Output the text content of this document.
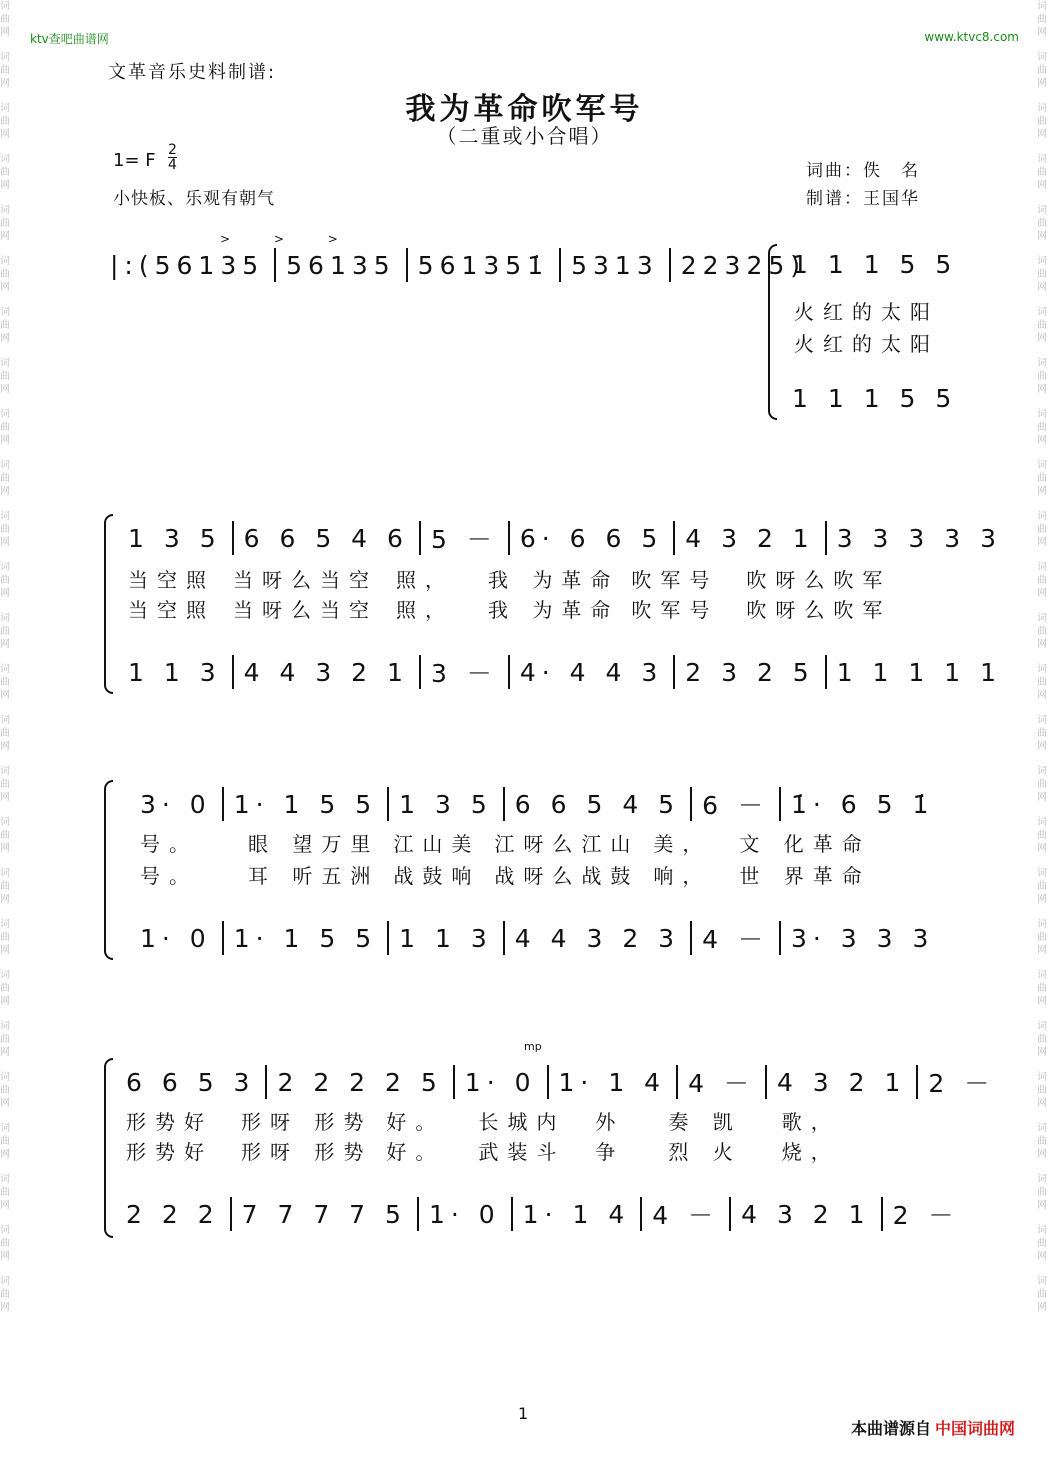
词曲网
词曲网
词曲网
词曲网
词曲网
词曲网
词曲网
词曲网
词曲网
词曲网
词曲网
词曲网
词曲网
词曲网
词曲网
词曲网
词曲网
词曲网
词曲网
词曲网
词曲网
词曲网
词曲网
词曲网
词曲网
词曲网
词曲网
词曲网
词曲网
词曲网
词曲网
词曲网
词曲网
词曲网
词曲网
词曲网
词曲网
词曲网
词曲网
词曲网
词曲网
词曲网
词曲网
词曲网
词曲网
词曲网
词曲网
词曲网
词曲网
词曲网
词曲网
词曲网
ktv查吧曲谱网	www.ktvc8.com
文革音乐史料制谱:
我为革命吹军号
（二重或小合唱）
1= F 2
4
小快板、乐观有朝气
词曲：佚　名
制谱：王国华
> > >
|:(56135 56135 561351̇ 5313 22325)
1 1 1 5 5
火红的太阳
火红的太阳
1 1 1 5 5
1 3 5 6 6 5 4 6 5 － 6· 6 6 5 4 3 2 1 3 3 3 3 3
当空照 当呀么当空 照， 我 为革命 吹军号 吹呀么吹军
当空照 当呀么当空 照， 我 为革命 吹军号 吹呀么吹军
1 1 3 4 4 3 2 1 3 － 4· 4 4 3 2 3 2 5 1 1 1 1 1
3· 0 1· 1 5 5 1 3 5 6 6 5 4 5 6 － 1̇· 6 5 1̇
号。	眼 望万里 江山美 江呀么江山 美， 文 化革命
号。	耳 听五洲 战鼓响 战呀么战鼓 响， 世 界革命
1· 0 1· 1 5 5 1 1 3 4 4 3 2 3 4 － 3· 3 3 3
mp
6 6 5 3 2 2 2 2 5 1· 0 1· 1 4 4 － 4 3 2 1 2 －
形势好 形呀 形势 好。 长城内 外 奏 凯 歌，
形势好 形呀 形势 好。 武装斗 争 烈 火 烧，
2 2 2 7 7 7 7 5 1· 0 1· 1 4 4 － 4 3 2 1 2 －
1
本曲谱源自 中国词曲网
